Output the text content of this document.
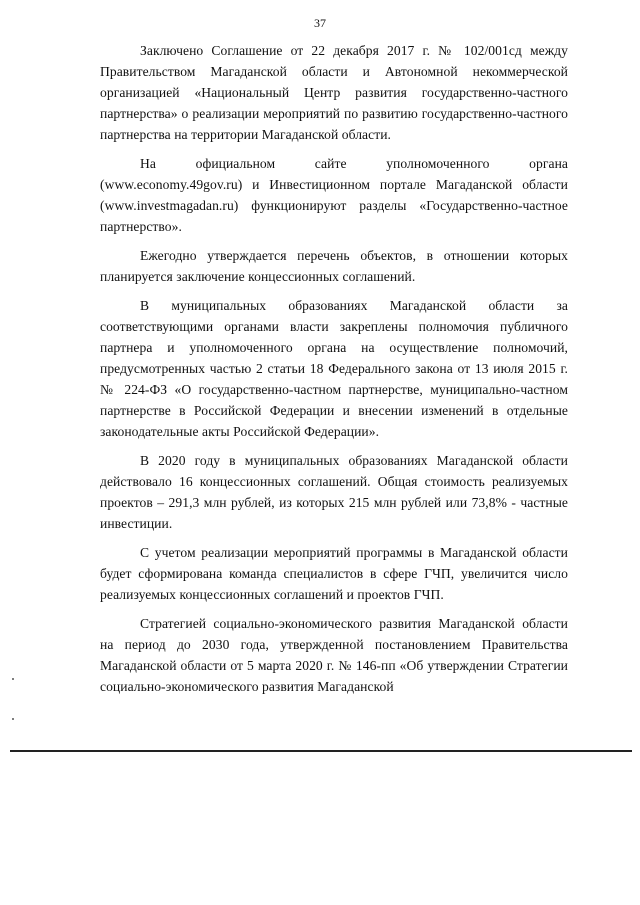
37

Заключено Соглашение от 22 декабря 2017 г. № 102/001сд между Правительством Магаданской области и Автономной некоммерческой организацией «Национальный Центр развития государственно-частного партнерства» о реализации мероприятий по развитию государственно-частного партнерства на территории Магаданской области.

На официальном сайте уполномоченного органа (www.economy.49gov.ru) и Инвестиционном портале Магаданской области (www.investmagadan.ru) функционируют разделы «Государственно-частное партнерство».

Ежегодно утверждается перечень объектов, в отношении которых планируется заключение концессионных соглашений.

В муниципальных образованиях Магаданской области за соответствующими органами власти закреплены полномочия публичного партнера и уполномоченного органа на осуществление полномочий, предусмотренных частью 2 статьи 18 Федерального закона от 13 июля 2015 г. № 224-ФЗ «О государственно-частном партнерстве, муниципально-частном партнерстве в Российской Федерации и внесении изменений в отдельные законодательные акты Российской Федерации».

В 2020 году в муниципальных образованиях Магаданской области действовало 16 концессионных соглашений. Общая стоимость реализуемых проектов – 291,3 млн рублей, из которых 215 млн рублей или 73,8% - частные инвестиции.

С учетом реализации мероприятий программы в Магаданской области будет сформирована команда специалистов в сфере ГЧП, увеличится число реализуемых концессионных соглашений и проектов ГЧП.

Стратегией социально-экономического развития Магаданской области на период до 2030 года, утвержденной постановлением Правительства Магаданской области от 5 марта 2020 г. № 146-пп «Об утверждении Стратегии социально-экономического развития Магаданской
